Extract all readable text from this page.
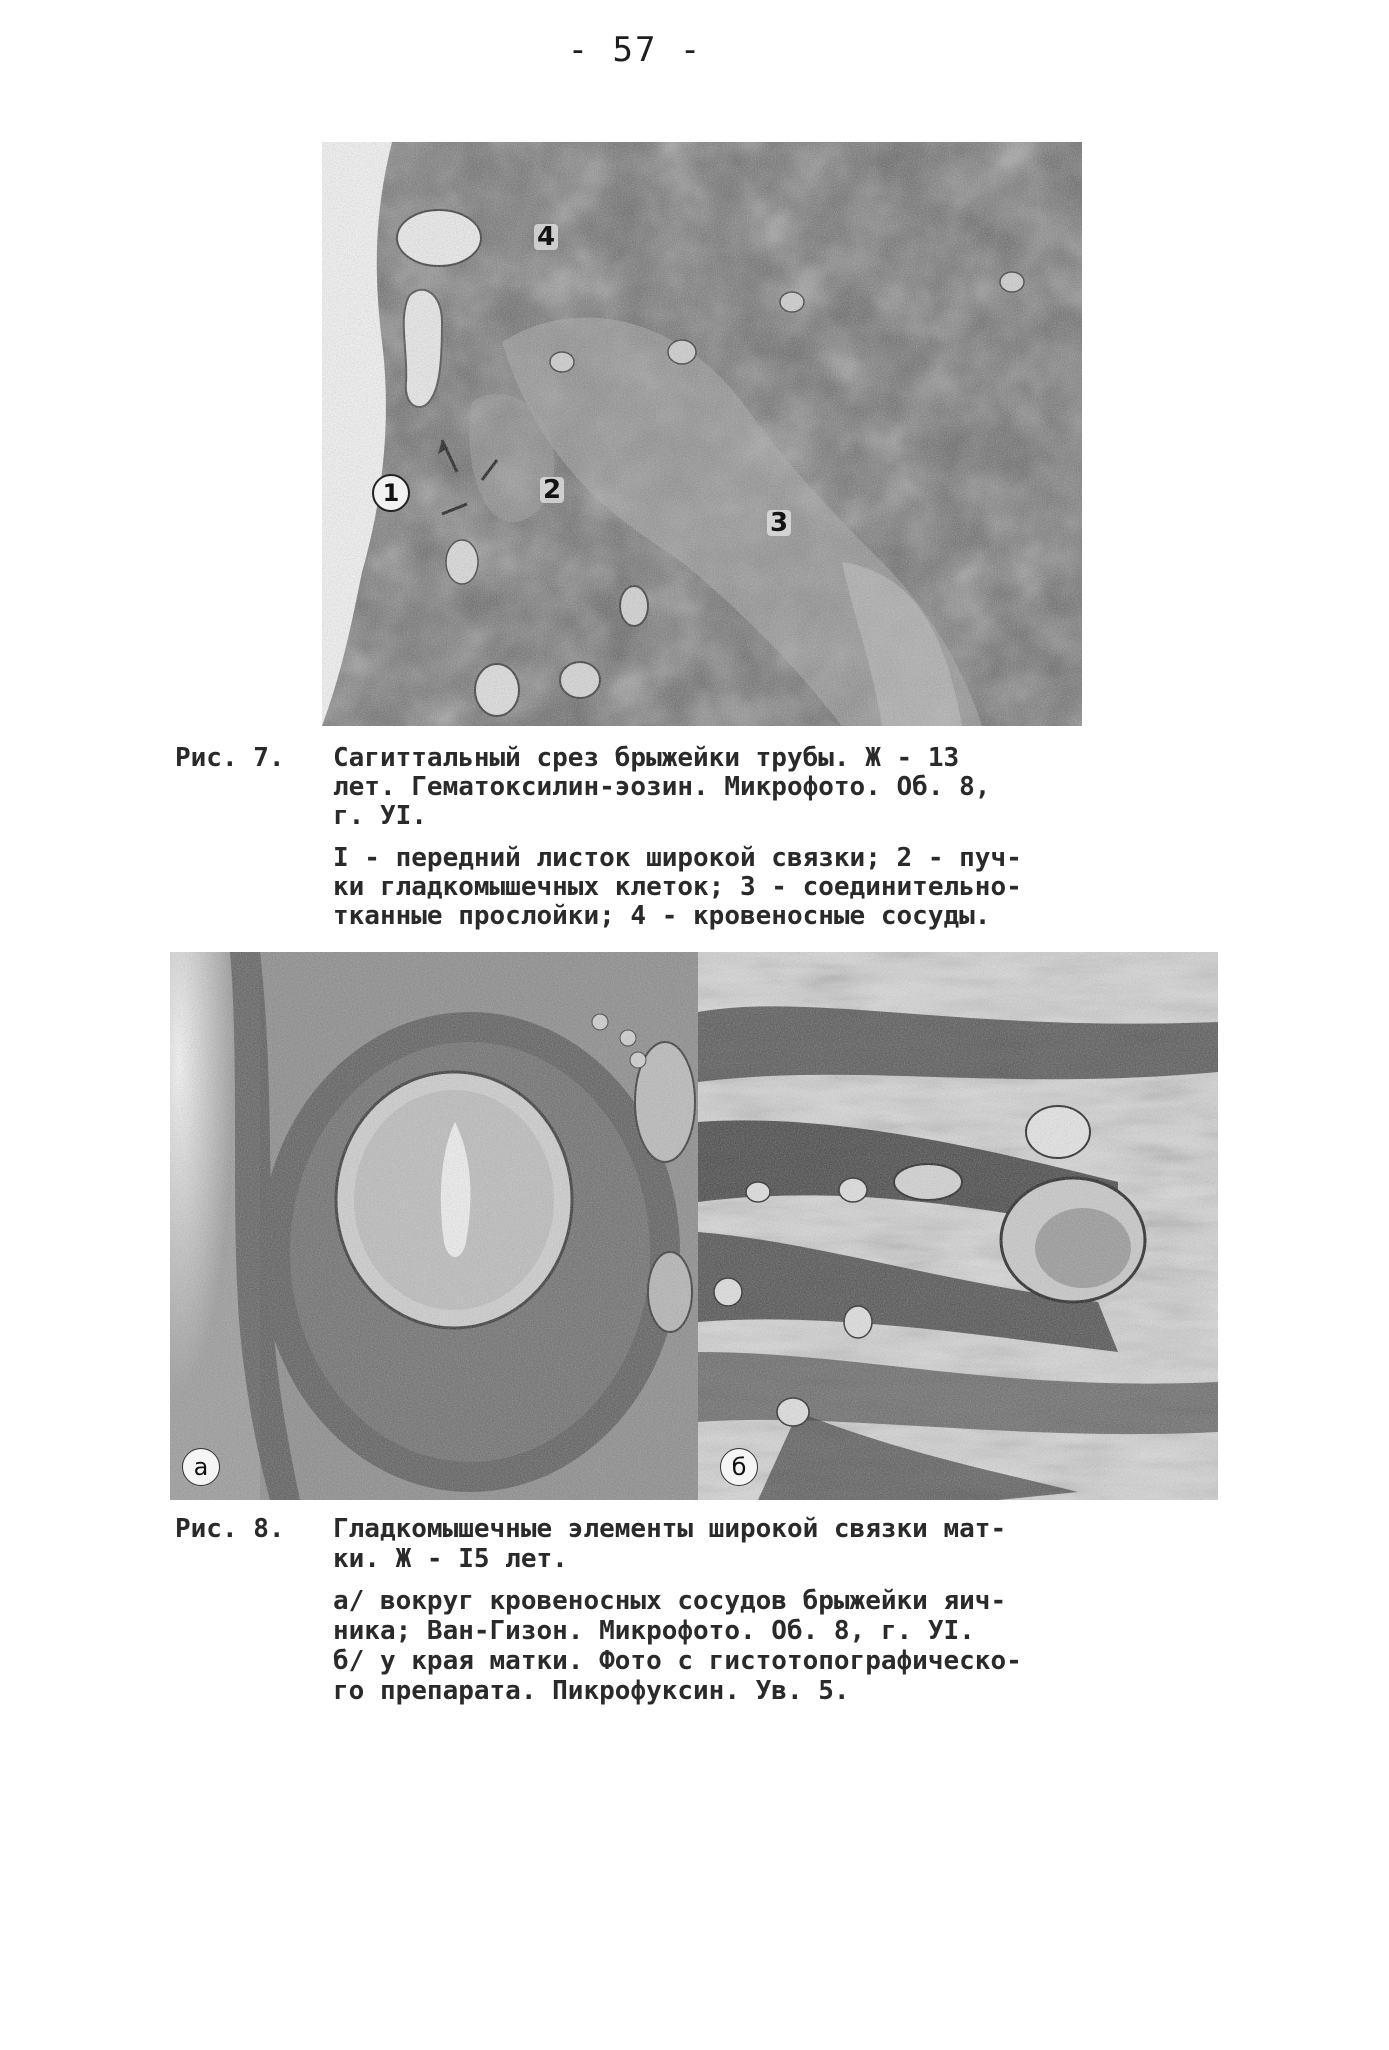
- 57 -
1	2
3
4
Рис. 7. Сагиттальный срез брыжейки трубы. Ж - 13
лет. Гематоксилин-эозин. Микрофото. Об. 8,
г. УI.
I - передний листок широкой связки; 2 - пуч-
ки гладкомышечных клеток; 3 - соединительно-
тканные прослойки; 4 - кровеносные сосуды.
а	б
Рис. 8. Гладкомышечные элементы широкой связки мат-
ки. Ж - I5 лет.
а/ вокруг кровеносных сосудов брыжейки яич-
ника; Ван-Гизон. Микрофото. Об. 8, г. УI.
б/ у края матки. Фото с гистотопографическо-
го препарата. Пикрофуксин. Ув. 5.
